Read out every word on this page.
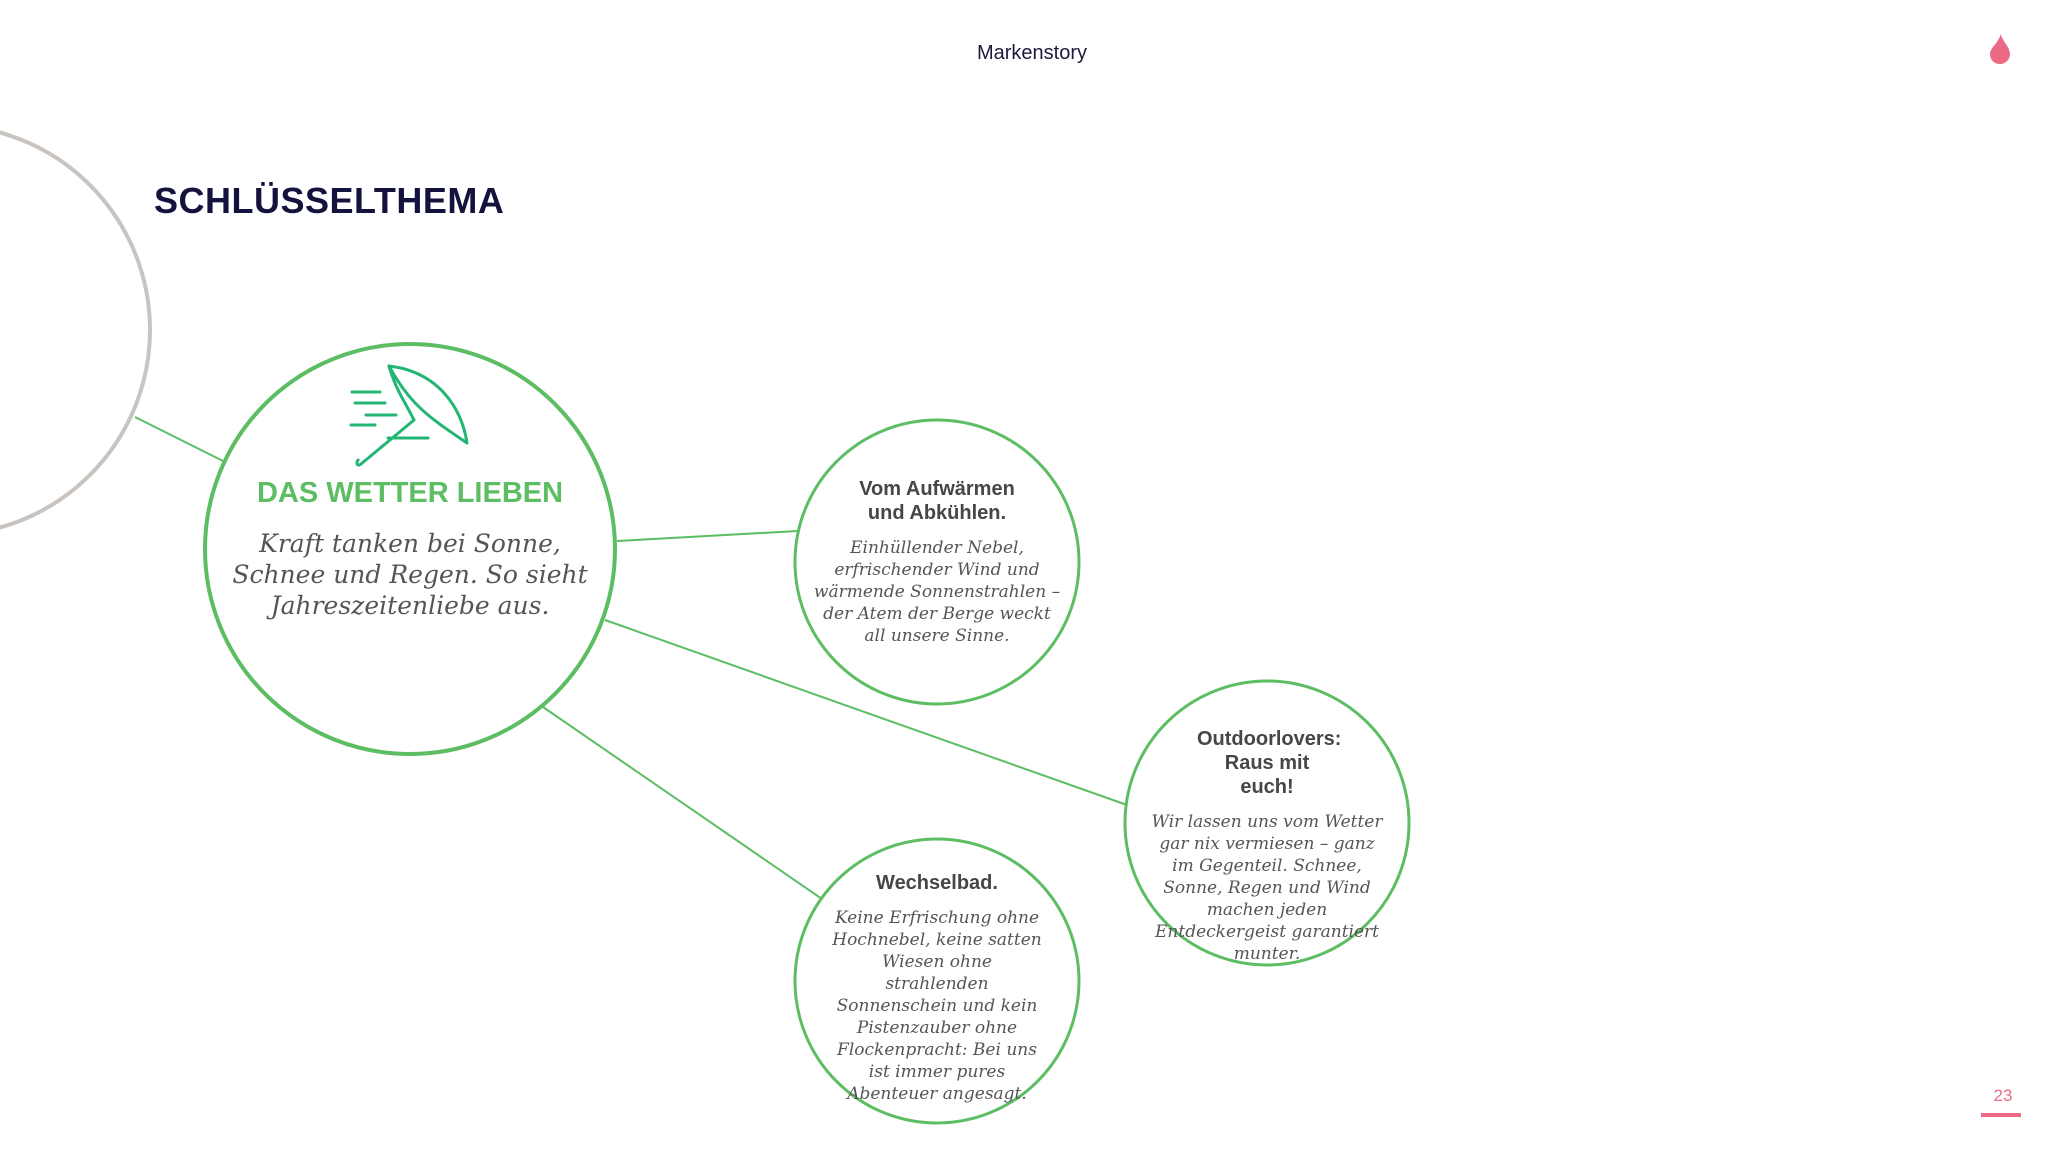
Markenstory
SCHLÜSSELTHEMA
DAS WETTER LIEBEN
Kraft tanken bei Sonne, Schnee und Regen. So sieht Jahreszeitenliebe aus.
Vom Aufwärmen und Abkühlen.
Einhüllender Nebel, erfrischender Wind und wärmende Sonnenstrahlen – der Atem der Berge weckt all unsere Sinne.
Outdoorlovers: Raus mit euch!
Wir lassen uns vom Wetter gar nix vermiesen – ganz im Gegenteil. Schnee, Sonne, Regen und Wind machen jeden Entdeckergeist garantiert munter.
Wechselbad.
Keine Erfrischung ohne Hochnebel, keine satten Wiesen ohne strahlenden Sonnenschein und kein Pistenzauber ohne Flockenpracht: Bei uns ist immer pures Abenteuer angesagt.	23
